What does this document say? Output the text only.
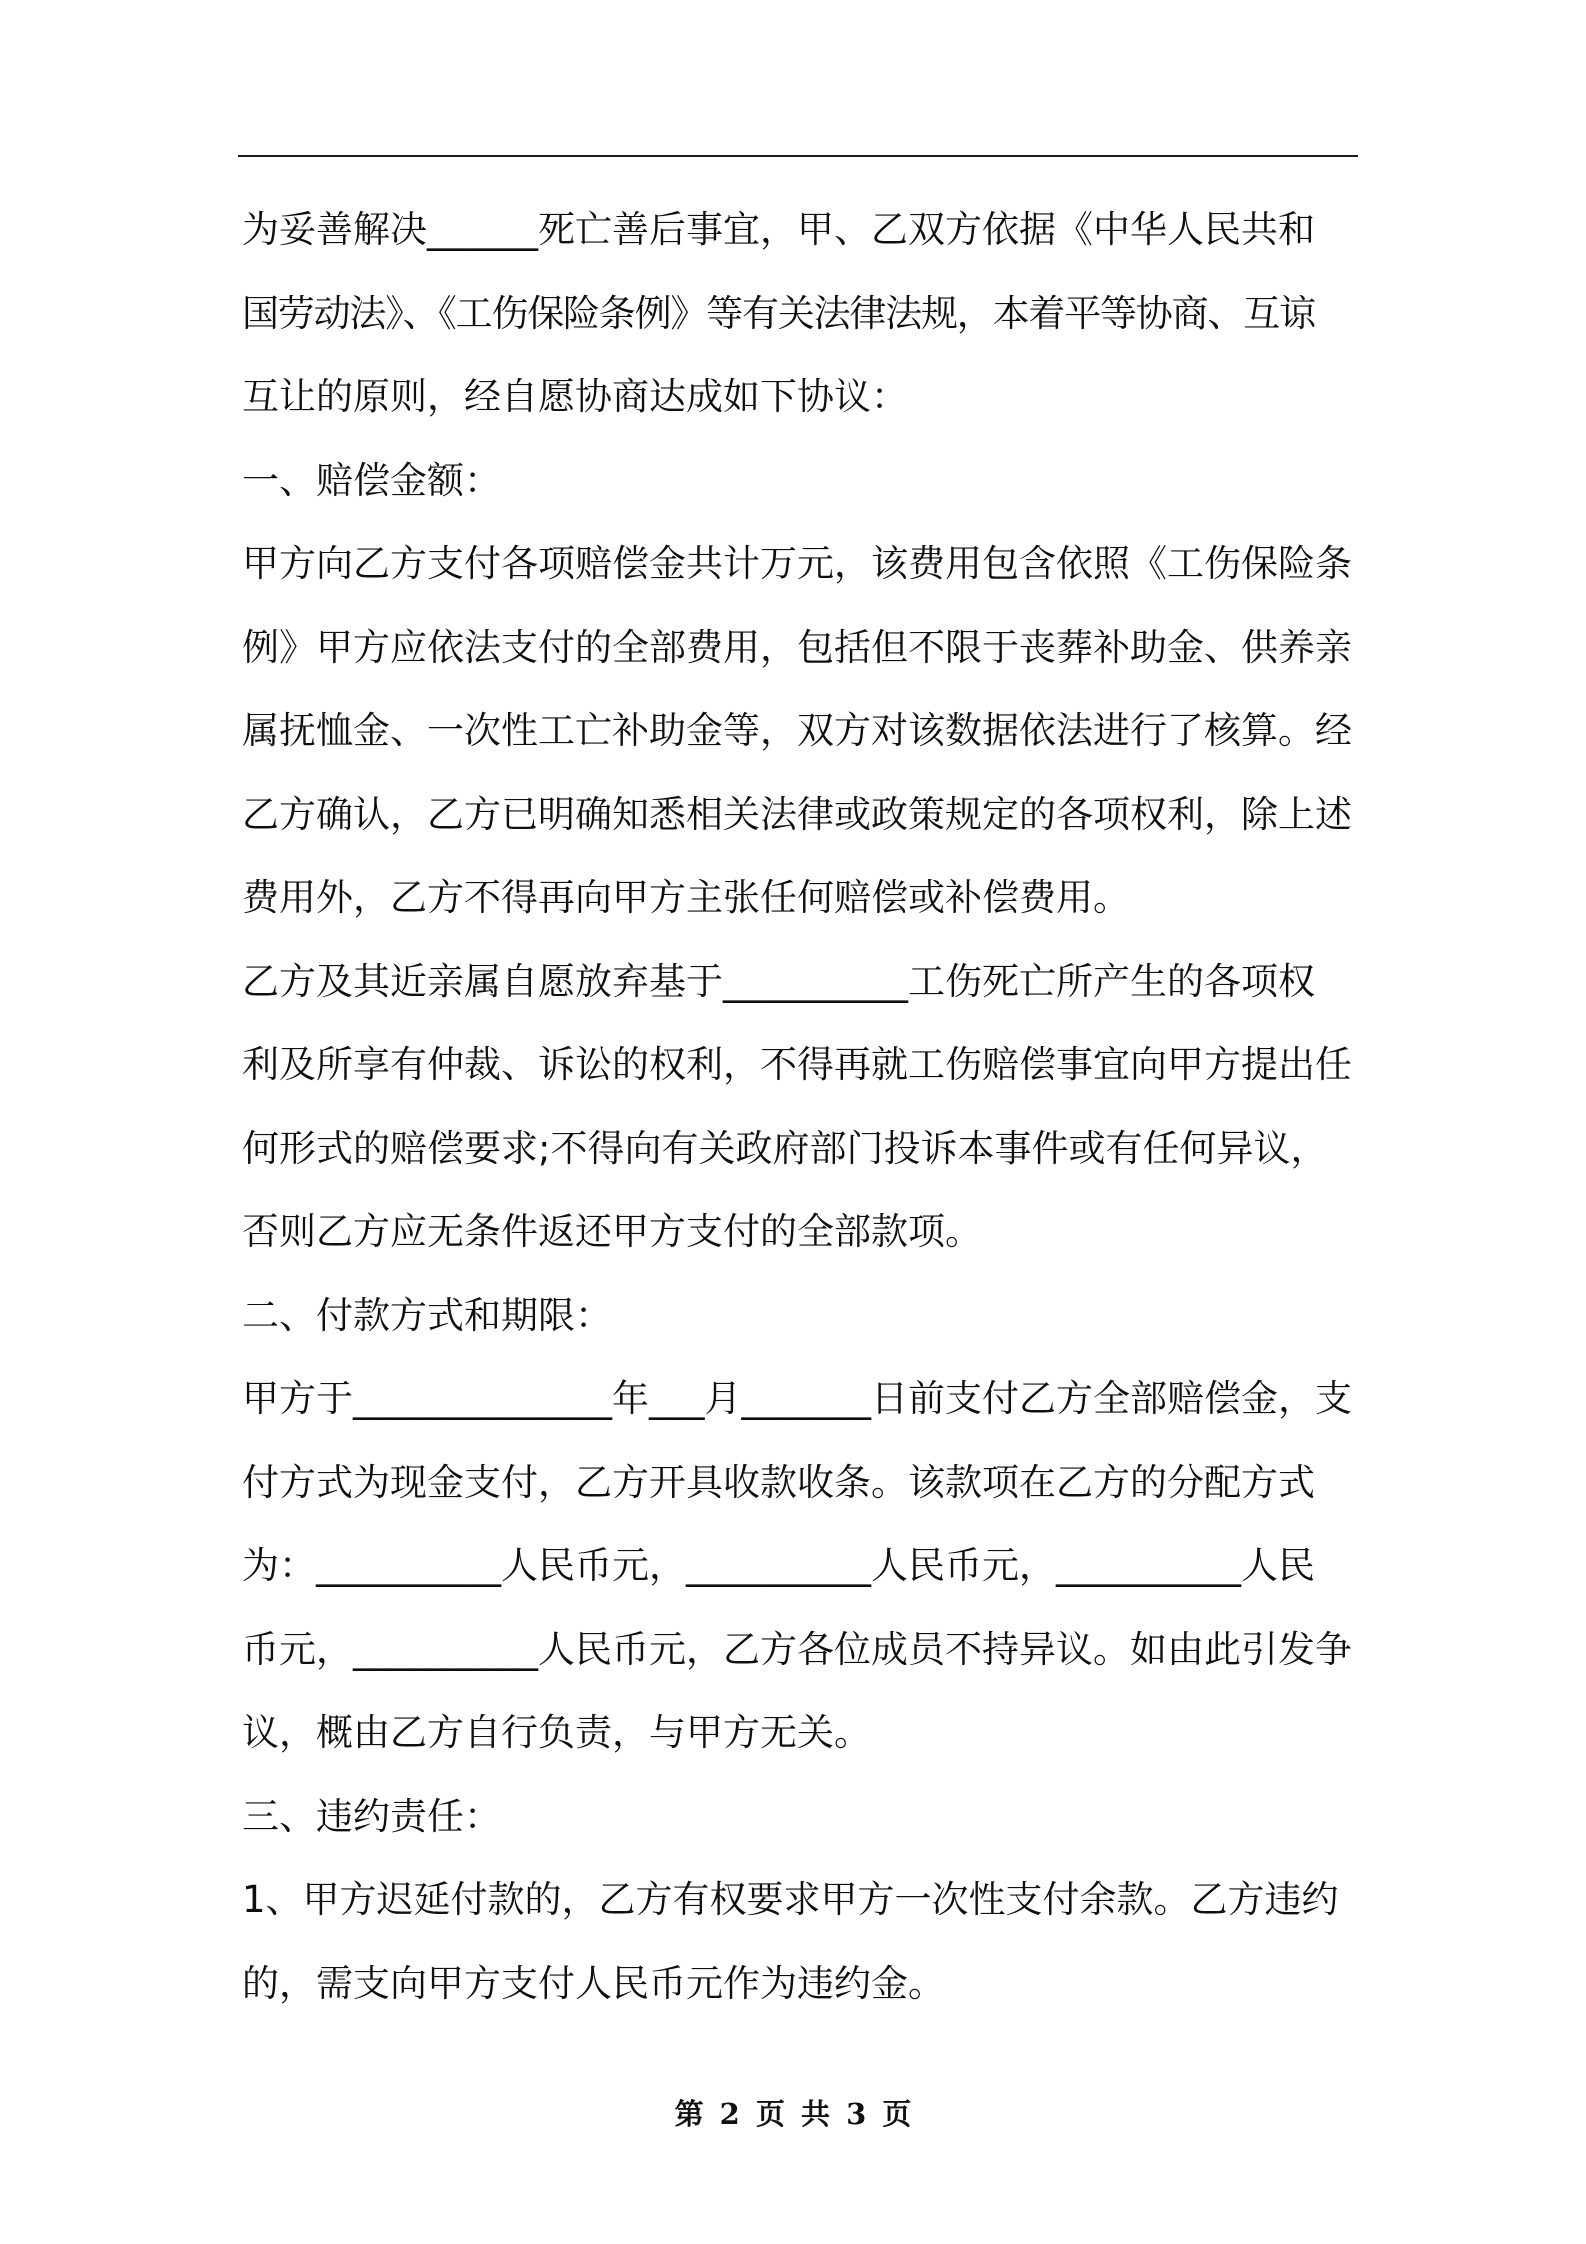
为妥善解决______死亡善后事宜，甲、乙双方依据《中华人民共和
国劳动法》、《工伤保险条例》等有关法律法规，本着平等协商、互谅
互让的原则，经自愿协商达成如下协议：
一、赔偿金额：
甲方向乙方支付各项赔偿金共计万元，该费用包含依照《工伤保险条
例》甲方应依法支付的全部费用，包括但不限于丧葬补助金、供养亲
属抚恤金、一次性工亡补助金等，双方对该数据依法进行了核算。经
乙方确认，乙方已明确知悉相关法律或政策规定的各项权利，除上述
费用外，乙方不得再向甲方主张任何赔偿或补偿费用。
乙方及其近亲属自愿放弃基于__________工伤死亡所产生的各项权
利及所享有仲裁、诉讼的权利，不得再就工伤赔偿事宜向甲方提出任
何形式的赔偿要求;不得向有关政府部门投诉本事件或有任何异议，
否则乙方应无条件返还甲方支付的全部款项。
二、付款方式和期限：
甲方于______________年___月_______日前支付乙方全部赔偿金，支
付方式为现金支付，乙方开具收款收条。该款项在乙方的分配方式
为：__________人民币元，__________人民币元，__________人民
币元，__________人民币元，乙方各位成员不持异议。如由此引发争
议，概由乙方自行负责，与甲方无关。
三、违约责任：
1、甲方迟延付款的，乙方有权要求甲方一次性支付余款。乙方违约
的，需支向甲方支付人民币元作为违约金。
第 2 页 共 3 页
